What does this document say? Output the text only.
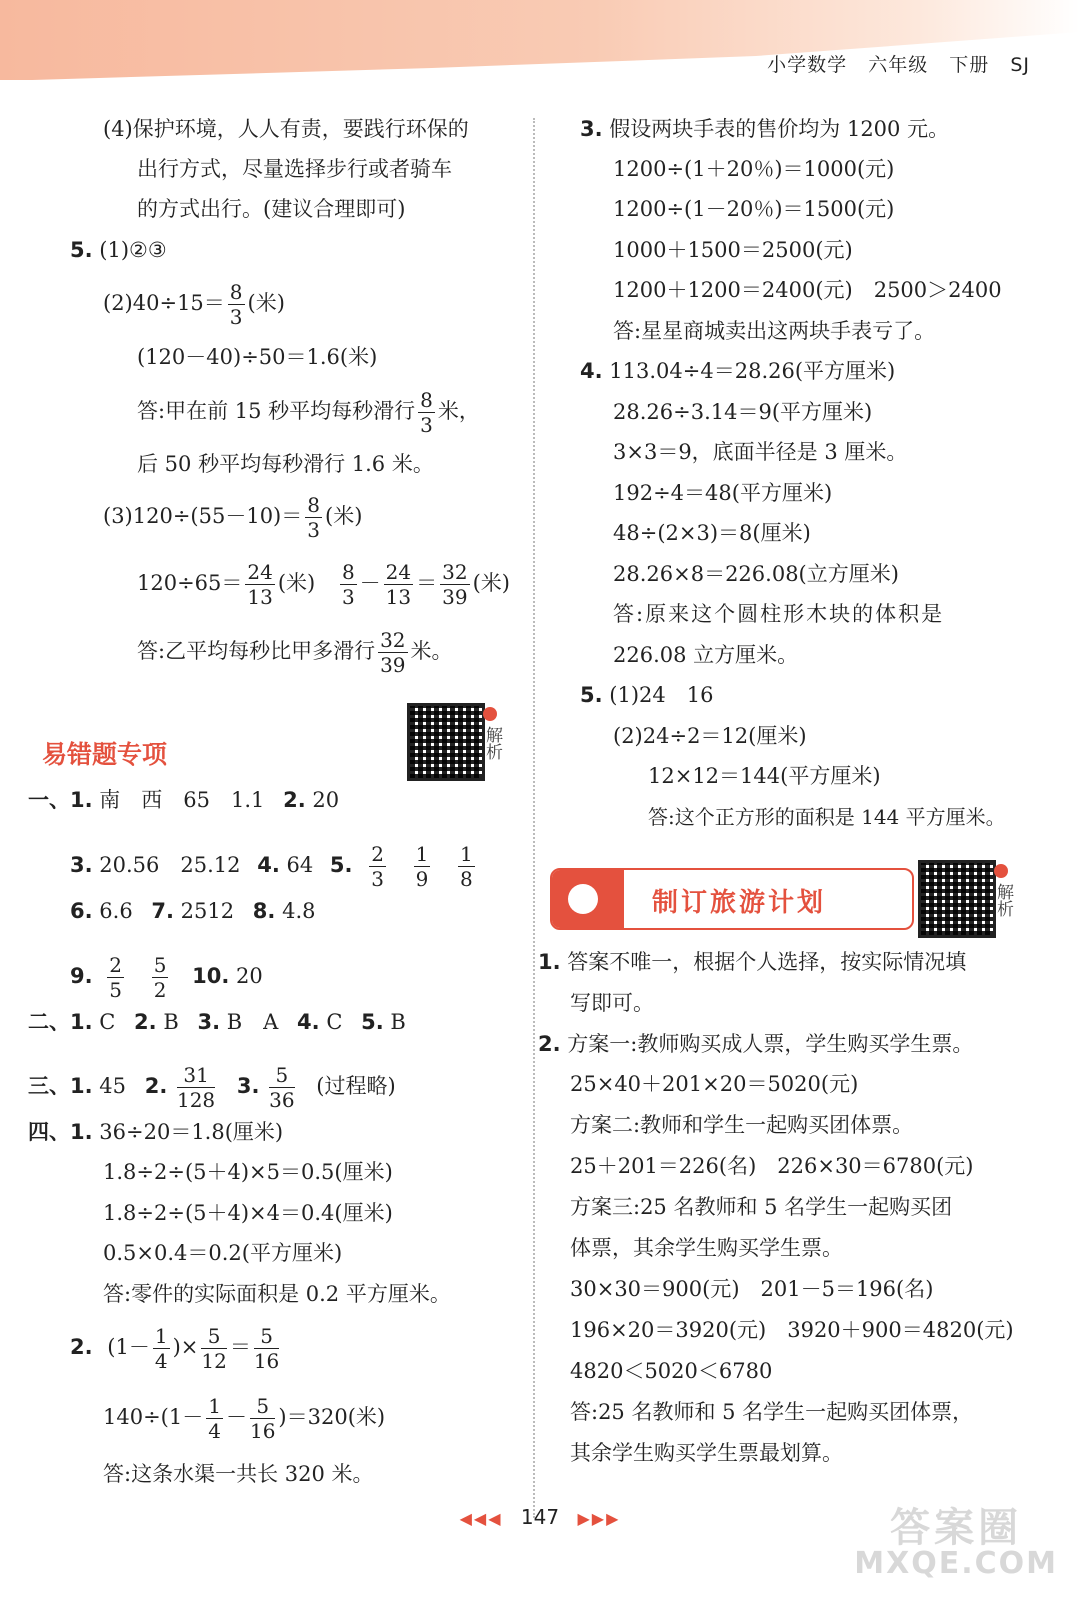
小学数学 六年级 下册 SJ
(4)保护环境，人人有责，要践行环保的
出行方式，尽量选择步行或者骑车
的方式出行。(建议合理即可)
5. (1)②③
$(2)40\div 15= \frac{8}{3}$ (米)
(120－40)÷50＝1.6(米)
答:甲在前 15 秒平均每秒滑行 $\frac{8}{3}$ 米，
后 50 秒平均每秒滑行 1.6 米。
$(3)120\div(55-10)= \frac{8}{3}$ (米)
$120\div 65= \frac{24}{13}$ (米) $\frac{8}{3} - \frac{24}{13} = \frac{32}{39}$ (米)
答:乙平均每秒比甲多滑行 $\frac{32}{39}$ 米。
易错题专项	解析
一、1. 南　西　65　1.1 2. 20
3. 20.56　25.12 4. 64 5. $\frac{2}{3}$
$\frac{1}{9}$
$\frac{1}{8}$
6. 6.6 7. 2512 8. 4.8
9. $\frac{2}{5}$
$\frac{5}{2} 10$. 20
二、1. C 2. B 3. B　A 4. C 5. B
三、1. 45 2. $\frac{31}{128} 3$. $\frac{5}{36}$ (过程略)
四、1. 36÷20＝1.8(厘米)
1.8÷2÷(5＋4)×5＝0.5(厘米)
1.8÷2÷(5＋4)×4＝0.4(厘米)
0.5×0.4＝0.2(平方厘米)
答:零件的实际面积是 0.2 平方厘米。
2. ($1- \frac{1}{4}$ )× $\frac{5}{12} = \frac{5}{16}$
$140\div(1- \frac{1}{4} - \frac{5}{16} )=320$(米)
答:这条水渠一共长 320 米。
3. 假设两块手表的售价均为 1200 元。
1200÷(1＋20％)＝1000(元)
1200÷(1－20％)＝1500(元)
1000＋1500＝2500(元)
1200＋1200＝2400(元)　2500＞2400
答:星星商城卖出这两块手表亏了。
4. 113.04÷4＝28.26(平方厘米)
28.26÷3.14＝9(平方厘米)
3×3＝9，底面半径是 3 厘米。
192÷4＝48(平方厘米)
48÷(2×3)＝8(厘米)
28.26×8＝226.08(立方厘米)
答:原来这个圆柱形木块的体积是
226.08 立方厘米。
5. (1)24　16
(2)24÷2＝12(厘米)
12×12＝144(平方厘米)
答:这个正方形的面积是 144 平方厘米。
制订旅游计划	解析
1. 答案不唯一，根据个人选择，按实际情况填
写即可。
2. 方案一:教师购买成人票，学生购买学生票。
25×40＋201×20＝5020(元)
方案二:教师和学生一起购买团体票。
25＋201＝226(名)　226×30＝6780(元)
方案三:25 名教师和 5 名学生一起购买团
体票，其余学生购买学生票。
30×30＝900(元)　201－5＝196(名)
196×20＝3920(元)　3920＋900＝4820(元)
4820＜5020＜6780
答:25 名教师和 5 名学生一起购买团体票，
其余学生购买学生票最划算。
◀◀◀ 147 ▶▶▶	答案圈
MXQE.COM
